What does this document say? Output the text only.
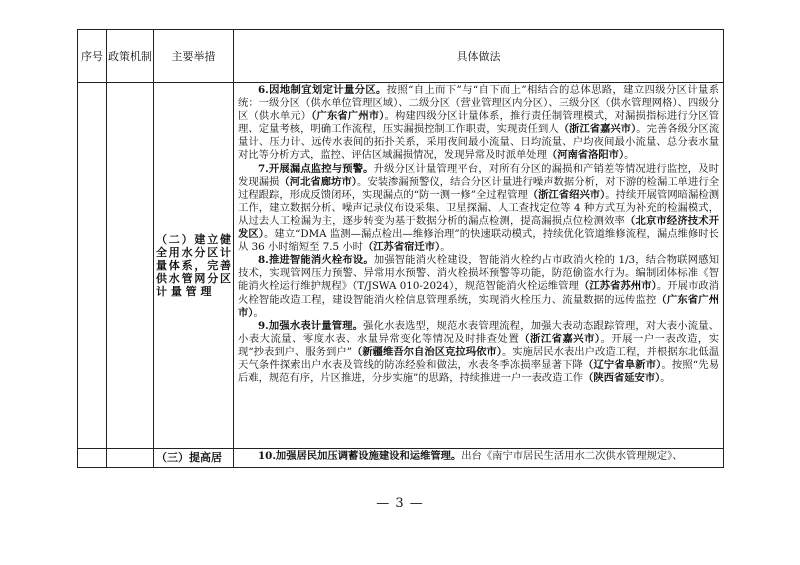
序号	政策机制	主要举措	具体做法
		（二）建立健全用水分区计量体系，完善供水管网分区计 量 管 理	6.因地制宜划定计量分区。按照“自上而下”与“自下而上”相结合的总体思路，建立四级分区计量系统：一级分区（供水单位管理区域）、二级分区（营业管理区内分区）、三级分区（供水管理网格）、四级分区（供水单元）（广东省广州市）。构建四级分区计量体系，推行责任制管理模式，对漏损指标进行分区管理、定量考核，明确工作流程，压实漏损控制工作职责，实现责任到人（浙江省嘉兴市）。完善各级分区流量计、压力计、远传水表间的拓扑关系，采用夜间最小流量、日均流量、户均夜间最小流量、总分表水量对比等分析方式，监控、评估区域漏损情况，发现异常及时派单处理（河南省洛阳市）。

7.开展漏点监控与预警。升级分区计量管理平台，对所有分区的漏损和产销差等情况进行监控，及时发现漏损（河北省廊坊市）。安装渗漏预警仪，结合分区计量进行噪声数据分析，对下游的检漏工单进行全过程跟踪，形成反馈闭环，实现漏点的“防一测一修”全过程管理（浙江省绍兴市）。持续开展管网暗漏检测工作，建立数据分析、噪声记录仪布设采集、卫星探漏、人工查找定位等 4 种方式互为补充的检漏模式，从过去人工检漏为主，逐步转变为基于数据分析的漏点检测，提高漏损点位检测效率（北京市经济技术开发区）。建立“DMA 监测—漏点检出—维修治理”的快速联动模式，持续优化管道维修流程，漏点维修时长从 36 小时缩短至 7.5 小时（江苏省宿迁市）。

8.推进智能消火栓布设。加强智能消火栓建设，智能消火栓约占市政消火栓的 1/3，结合物联网感知技术，实现管网压力预警、异常用水预警、消火栓损坏预警等功能，防范偷盗水行为。编制团体标准《智能消火栓运行维护规程》（T/JSWA 010-2024），规范智能消火栓运维管理（江苏省苏州市）。开展市政消火栓智能改造工程，建设智能消火栓信息管理系统，实现消火栓压力、流量数据的远传监控（广东省广州市）。

9.加强水表计量管理。强化水表选型，规范水表管理流程，加强大表动态跟踪管理，对大表小流量、小表大流量、零度水表、水量异常变化等情况及时排查处置（浙江省嘉兴市）。开展一户一表改造，实现“抄表到户、服务到户”（新疆维吾尔自治区克拉玛依市）。实施居民水表出户改造工程，并根据东北低温天气条件探索出户水表及管线的防冻经验和做法，水表冬季冻损率显著下降（辽宁省阜新市）。按照“先易后难，规范有序，片区推进，分步实施”的思路，持续推进一户一表改造工作（陕西省延安市）。

		（三）提高居	10.加强居民加压调蓄设施建设和运维管理。出台《南宁市居民生活用水二次供水管理规定》、

— 3 —
